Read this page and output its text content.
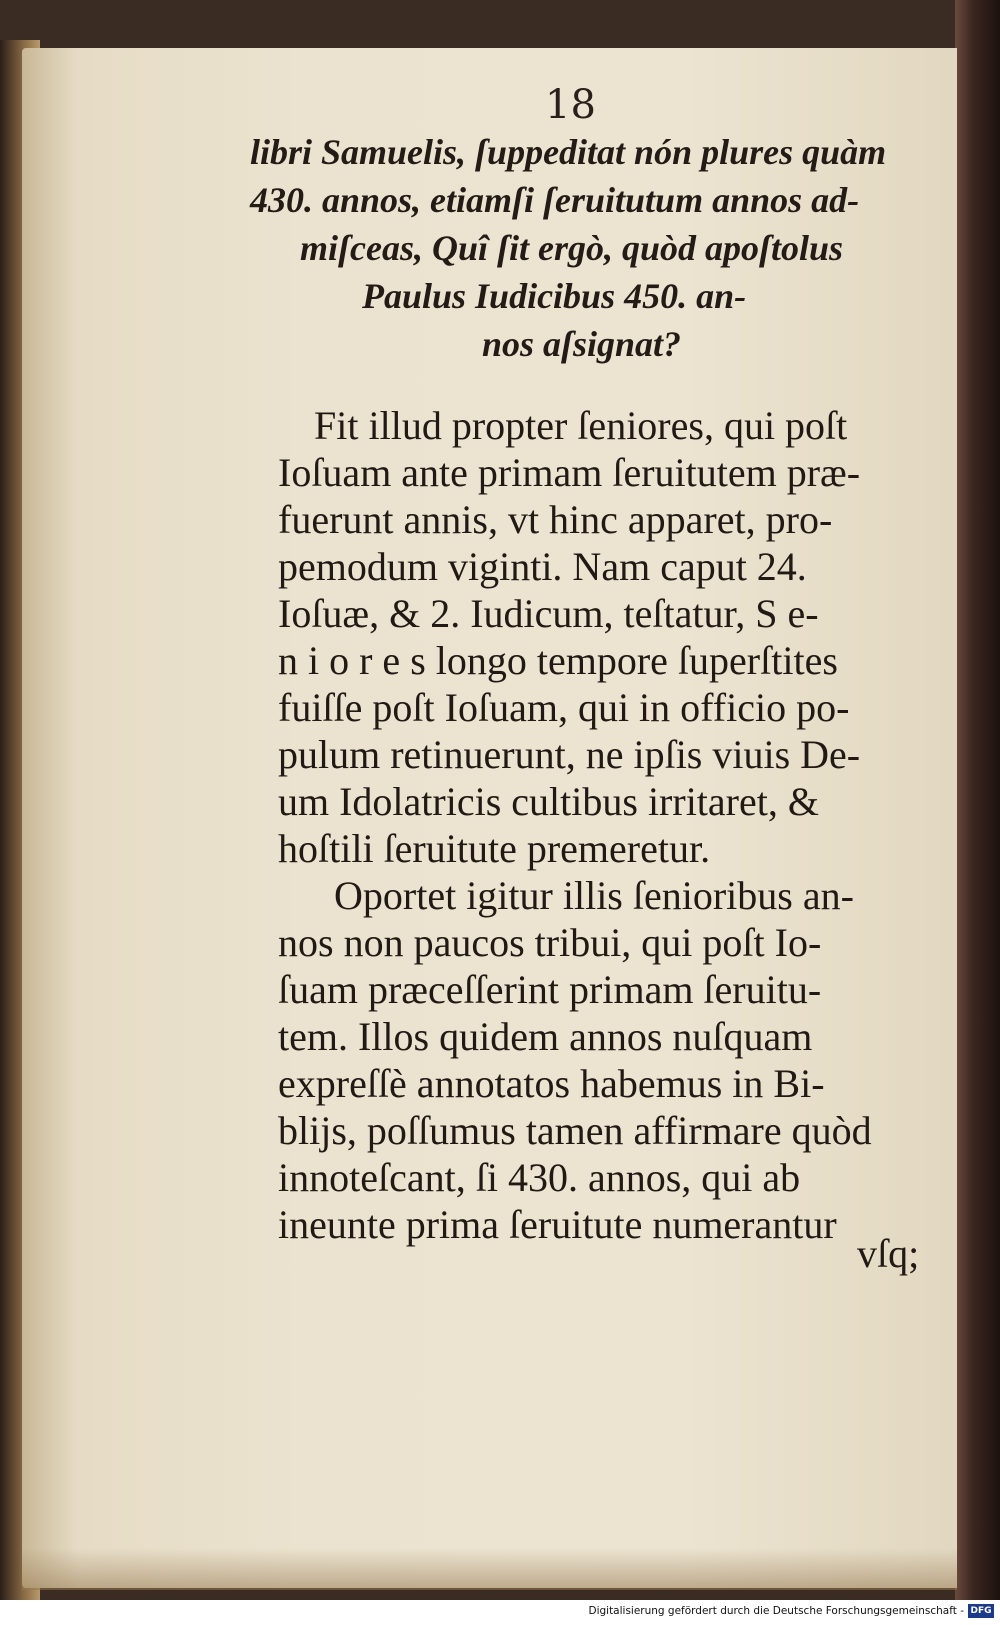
18
libri Samuelis, ſuppeditat nón plures quàm
430. annos, etiamſi ſeruitutum annos ad-
miſceas, Quî ſit ergò, quòd apoſtolus
Paulus Iudicibus 450. an-
nos aſsignat?
Fit illud propter ſeniores, qui poſt
Ioſuam ante primam ſeruitutem præ-
fuerunt annis, vt hinc apparet, pro-
pemodum viginti. Nam caput 24.
Ioſuæ, & 2. Iudicum, teſtatur, S e-
n i o r e s longo tempore ſuperſtites
fuiſſe poſt Ioſuam, qui in officio po-
pulum retinuerunt, ne ipſis viuis De-
um Idolatricis cultibus irritaret, &
hoſtili ſeruitute premeretur.
Oportet igitur illis ſenioribus an-
nos non paucos tribui, qui poſt Io-
ſuam præceſſerint primam ſeruitu-
tem. Illos quidem annos nuſquam
expreſſè annotatos habemus in Bi-
blijs, poſſumus tamen affirmare quòd
innoteſcant, ſi 430. annos, qui ab
ineunte prima ſeruitute numerantur
vſq;
Digitalisierung gefördert durch die Deutsche Forschungsgemeinschaft - DFG
